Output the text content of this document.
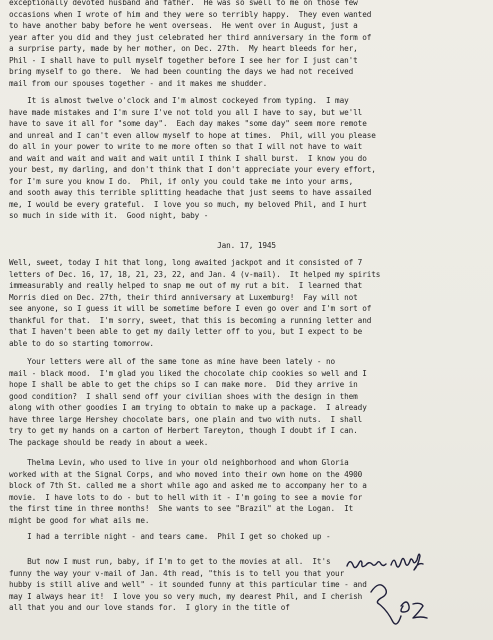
exceptionally devoted husband and father.  He was so swell to me on those few
occasions when I wrote of him and they were so terribly happy.  They even wanted
to have another baby before he went overseas.  He went over in August, just a
year after you did and they just celebrated her third anniversary in the form of
a surprise party, made by her mother, on Dec. 27th.  My heart bleeds for her,
Phil - I shall have to pull myself together before I see her for I just can't
bring myself to go there.  We had been counting the days we had not received
mail from our spouses together - and it makes me shudder.
It is almost twelve o'clock and I'm almost cockeyed from typing.  I may
have made mistakes and I'm sure I've not told you all I have to say, but we'll
have to save it all for "some day".  Each day makes "some day" seem more remote
and unreal and I can't even allow myself to hope at times.  Phil, will you please
do all in your power to write to me more often so that I will not have to wait
and wait and wait and wait and wait until I think I shall burst.  I know you do
your best, my darling, and don't think that I don't appreciate your every effort,
for I'm sure you know I do.  Phil, if only you could take me into your arms,
and sooth away this terrible splitting headache that just seems to have assailed
me, I would be every grateful.  I love you so much, my beloved Phil, and I hurt
so much in side with it.  Good night, baby -
Jan. 17, 1945
Well, sweet, today I hit that long, long awaited jackpot and it consisted of 7
letters of Dec. 16, 17, 18, 21, 23, 22, and Jan. 4 (v-mail).  It helped my spirits
immeasurably and really helped to snap me out of my rut a bit.  I learned that
Morris died on Dec. 27th, their third anniversary at Luxemburg!  Fay will not
see anyone, so I guess it will be sometime before I even go over and I'm sort of
thankful for that.  I'm sorry, sweet, that this is becoming a running letter and
that I haven't been able to get my daily letter off to you, but I expect to be
able to do so starting tomorrow.
Your letters were all of the same tone as mine have been lately - no
mail - black mood.  I'm glad you liked the chocolate chip cookies so well and I
hope I shall be able to get the chips so I can make more.  Did they arrive in
good condition?  I shall send off your civilian shoes with the design in them
along with other goodies I am trying to obtain to make up a package.  I already
have three large Hershey chocolate bars, one plain and two with nuts.  I shall
try to get my hands on a carton of Herbert Tareyton, though I doubt if I can.
The package should be ready in about a week.
Thelma Levin, who used to live in your old neighborhood and whom Gloria
worked with at the Signal Corps, and who moved into their own home on the 4900
block of 7th St. called me a short while ago and asked me to accompany her to a
movie.  I have lots to do - but to hell with it - I'm going to see a movie for
the first time in three months!  She wants to see "Brazil" at the Logan.  It
might be good for what ails me.
I had a terrible night - and tears came.  Phil I get so choked up -
But now I must run, baby, if I'm to get to the movies at all.  It's
funny the way your v-mail of Jan. 4th read, "this is to tell you that your
hubby is still alive and well" - it sounded funny at this particular time - and
may I always hear it!  I love you so very much, my dearest Phil, and I cherish
all that you and our love stands for.  I glory in the title of
